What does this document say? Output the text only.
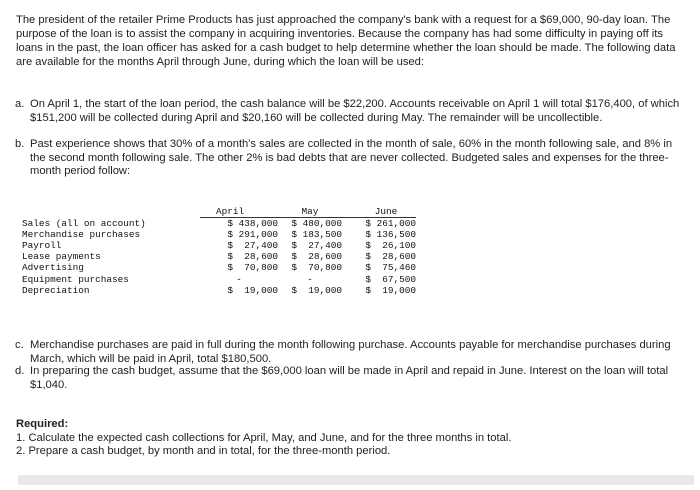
The president of the retailer Prime Products has just approached the company's bank with a request for a $69,000, 90-day loan. The purpose of the loan is to assist the company in acquiring inventories. Because the company has had some difficulty in paying off its loans in the past, the loan officer has asked for a cash budget to help determine whether the loan should be made. The following data are available for the months April through June, during which the loan will be used:

a. On April 1, the start of the loan period, the cash balance will be $22,200. Accounts receivable on April 1 will total $176,400, of which $151,200 will be collected during April and $20,160 will be collected during May. The remainder will be uncollectible.
b. Past experience shows that 30% of a month's sales are collected in the month of sale, 60% in the month following sale, and 8% in the second month following sale. The other 2% is bad debts that are never collected. Budgeted sales and expenses for the three-month period follow:
	April	May	June
Sales (all on account)	$ 438,000	$ 480,000	$ 261,000
Merchandise purchases	$ 291,000	$ 183,500	$ 136,500
Payroll	$  27,400	$  27,400	$  26,100
Lease payments	$  28,600	$  28,600	$  28,600
Advertising	$  70,800	$  70,800	$  75,460
Equipment purchases	-	-	$  67,500
Depreciation	$  19,000	$  19,000	$  19,000
c. Merchandise purchases are paid in full during the month following purchase. Accounts payable for merchandise purchases during March, which will be paid in April, total $180,500.
d. In preparing the cash budget, assume that the $69,000 loan will be made in April and repaid in June. Interest on the loan will total $1,040.
Required:
1. Calculate the expected cash collections for April, May, and June, and for the three months in total.
2. Prepare a cash budget, by month and in total, for the three-month period.
